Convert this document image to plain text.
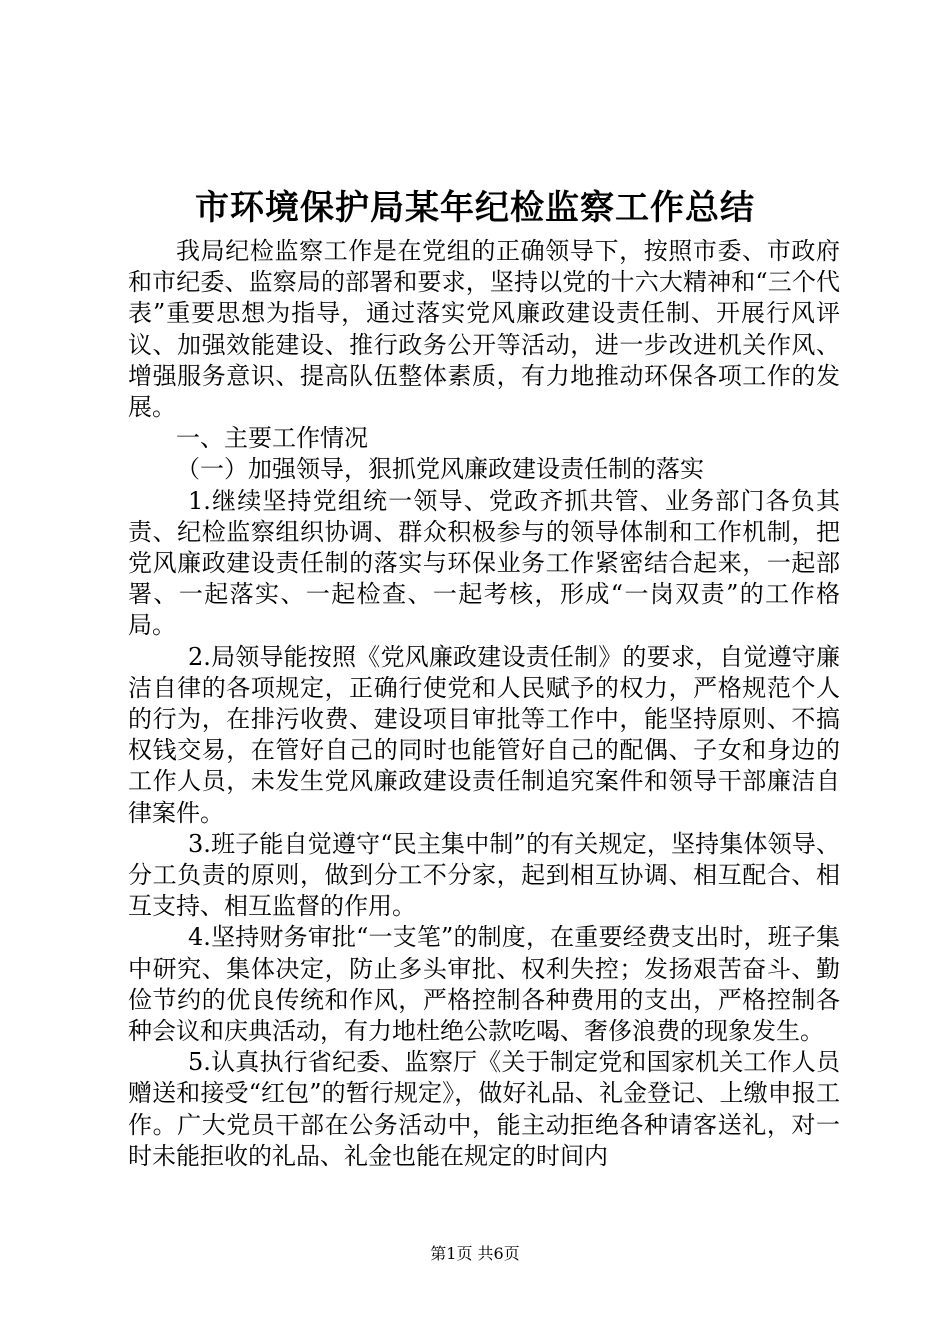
市环境保护局某年纪检监察工作总结

我局纪检监察工作是在党组的正确领导下，按照市委、市政府和市纪委、监察局的部署和要求，坚持以党的十六大精神和“三个代表”重要思想为指导，通过落实党风廉政建设责任制、开展行风评议、加强效能建设、推行政务公开等活动，进一步改进机关作风、增强服务意识、提高队伍整体素质，有力地推动环保各项工作的发展。

一、主要工作情况

（一）加强领导，狠抓党风廉政建设责任制的落实

1.继续坚持党组统一领导、党政齐抓共管、业务部门各负其责、纪检监察组织协调、群众积极参与的领导体制和工作机制，把党风廉政建设责任制的落实与环保业务工作紧密结合起来，一起部署、一起落实、一起检查、一起考核，形成“一岗双责”的工作格局。

2.局领导能按照《党风廉政建设责任制》的要求，自觉遵守廉洁自律的各项规定，正确行使党和人民赋予的权力，严格规范个人的行为，在排污收费、建设项目审批等工作中，能坚持原则、不搞权钱交易，在管好自己的同时也能管好自己的配偶、子女和身边的工作人员，未发生党风廉政建设责任制追究案件和领导干部廉洁自律案件。

3.班子能自觉遵守“民主集中制”的有关规定，坚持集体领导、分工负责的原则，做到分工不分家，起到相互协调、相互配合、相互支持、相互监督的作用。

4.坚持财务审批“一支笔”的制度，在重要经费支出时，班子集中研究、集体决定，防止多头审批、权利失控；发扬艰苦奋斗、勤俭节约的优良传统和作风，严格控制各种费用的支出，严格控制各种会议和庆典活动，有力地杜绝公款吃喝、奢侈浪费的现象发生。

5.认真执行省纪委、监察厅《关于制定党和国家机关工作人员赠送和接受“红包”的暂行规定》，做好礼品、礼金登记、上缴申报工作。广大党员干部在公务活动中，能主动拒绝各种请客送礼，对一时未能拒收的礼品、礼金也能在规定的时间内

第1页 共6页
